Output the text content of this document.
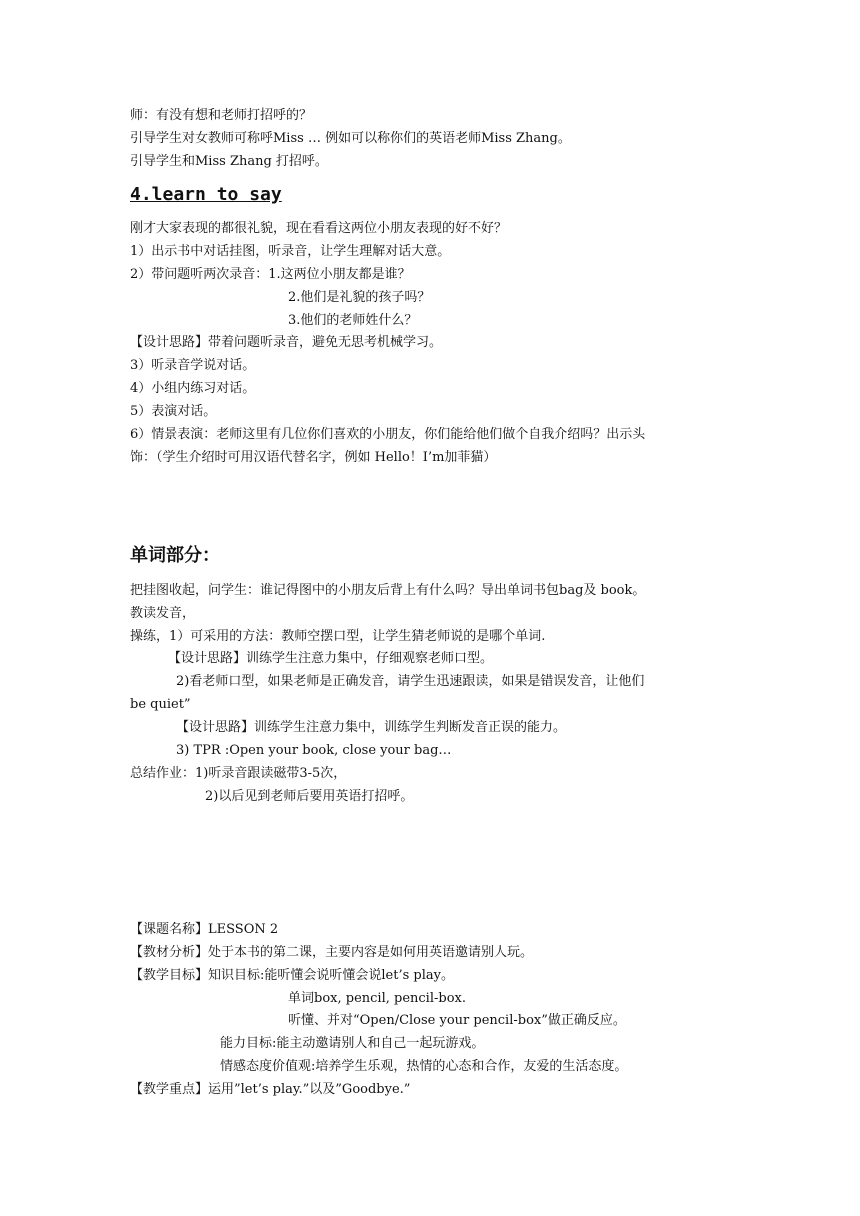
师：有没有想和老师打招呼的？

引导学生对女教师可称呼Miss … 例如可以称你们的英语老师Miss Zhang。

引导学生和Miss Zhang 打招呼。

4.learn to say

刚才大家表现的都很礼貌，现在看看这两位小朋友表现的好不好？

1）出示书中对话挂图，听录音，让学生理解对话大意。

2）带问题听两次录音：1.这两位小朋友都是谁？

2.他们是礼貌的孩子吗？

3.他们的老师姓什么？

【设计思路】带着问题听录音，避免无思考机械学习。

3）听录音学说对话。

4）小组内练习对话。

5）表演对话。

6）情景表演：老师这里有几位你们喜欢的小朋友，你们能给他们做个自我介绍吗？出示头

饰：（学生介绍时可用汉语代替名字，例如 Hello！I’m加菲猫）

单词部分：

把挂图收起，问学生：谁记得图中的小朋友后背上有什么吗？导出单词书包bag及 book。

教读发音，

操练，1）可采用的方法：教师空摆口型，让学生猜老师说的是哪个单词.

【设计思路】训练学生注意力集中，仔细观察老师口型。

2)看老师口型，如果老师是正确发音，请学生迅速跟读，如果是错误发音，让他们

be quiet”

【设计思路】训练学生注意力集中，训练学生判断发音正误的能力。

3) TPR :Open your book, close your bag…

总结作业：1)听录音跟读磁带3-5次，

2)以后见到老师后要用英语打招呼。

【课题名称】LESSON 2

【教材分析】处于本书的第二课，主要内容是如何用英语邀请别人玩。

【教学目标】知识目标:能听懂会说听懂会说let’s play。

单词box, pencil, pencil-box.

听懂、并对“Open/Close your pencil-box”做正确反应。

能力目标:能主动邀请别人和自己一起玩游戏。

情感态度价值观:培养学生乐观，热情的心态和合作，友爱的生活态度。

【教学重点】运用”let’s play.”以及”Goodbye.”
